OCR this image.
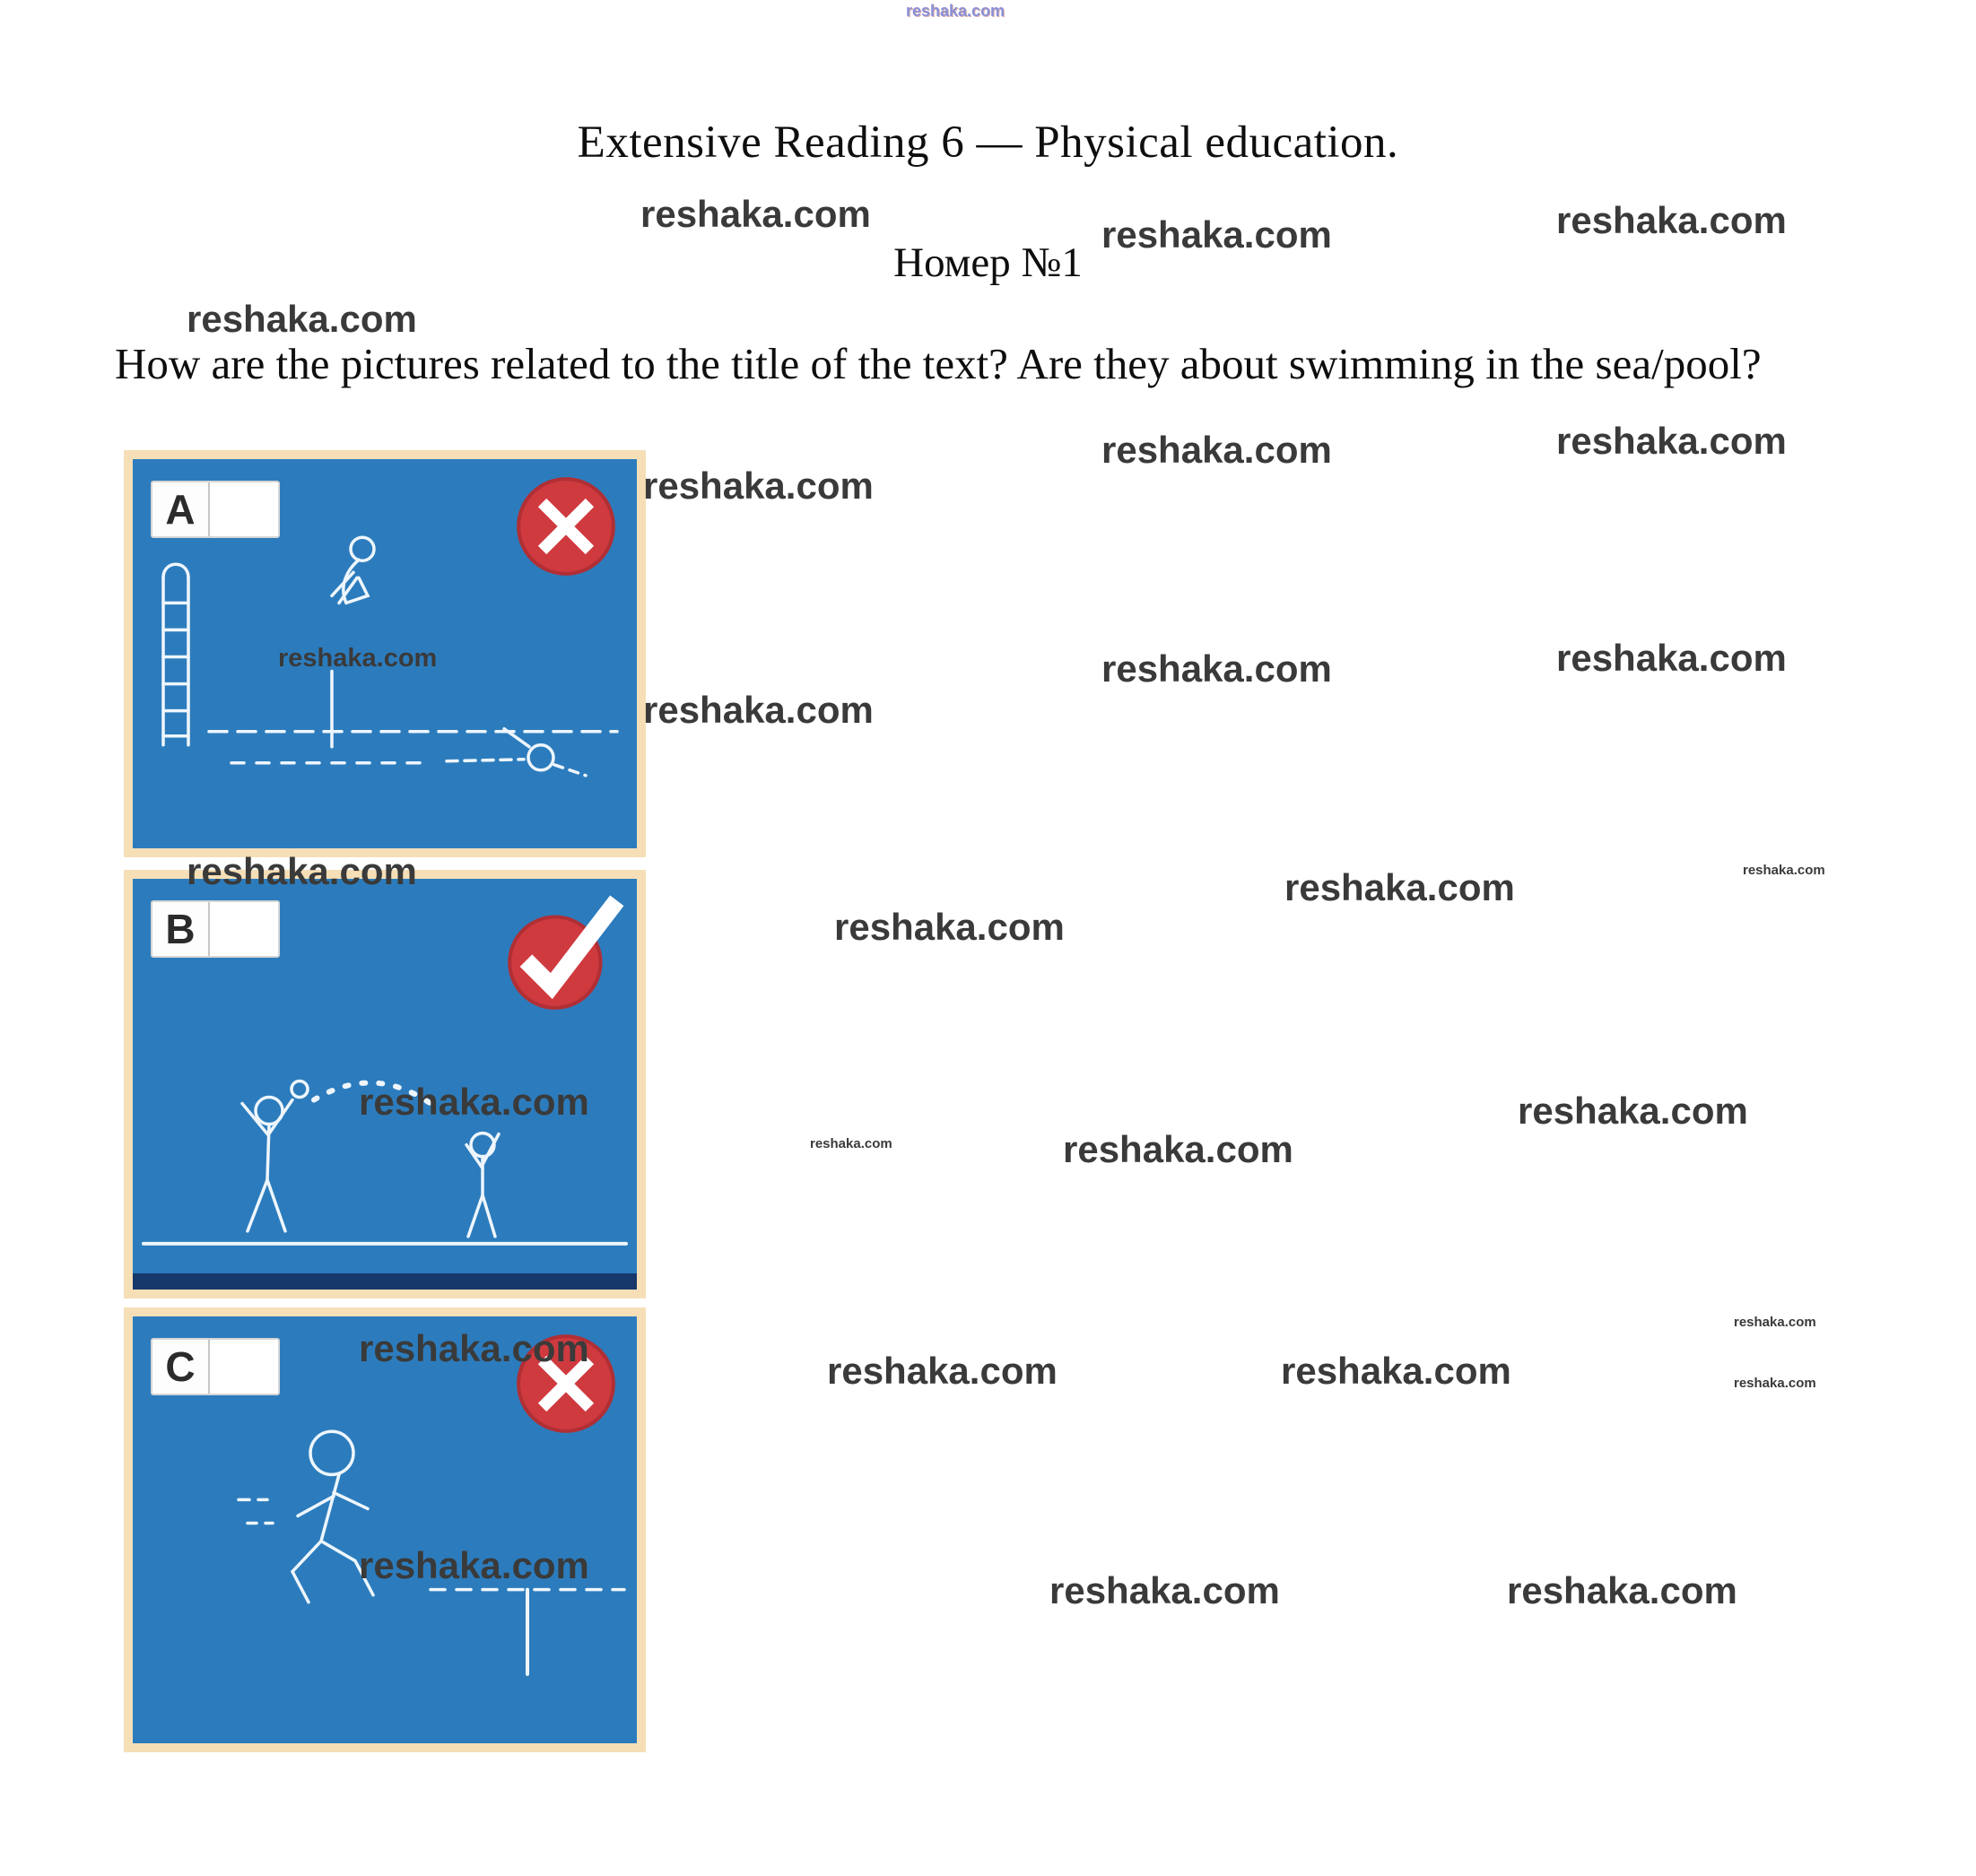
Extensive Reading 6 — Physical education.
Номер №1
How are the pictures related to the title of the text? Are they about swimming in the sea/pool?
A
B
C
reshaka.com
reshaka.com	reshaka.com	reshaka.com
reshaka.com
reshaka.com
reshaka.com	reshaka.com
reshaka.com
reshaka.com
reshaka.com	reshaka.com
reshaka.com
reshaka.com
reshaka.com	reshaka.com
reshaka.com
reshaka.com	reshaka.com
reshaka.com
reshaka.com
reshaka.com	reshaka.com
reshaka.com
reshaka.com
reshaka.com
reshaka.com	reshaka.com
